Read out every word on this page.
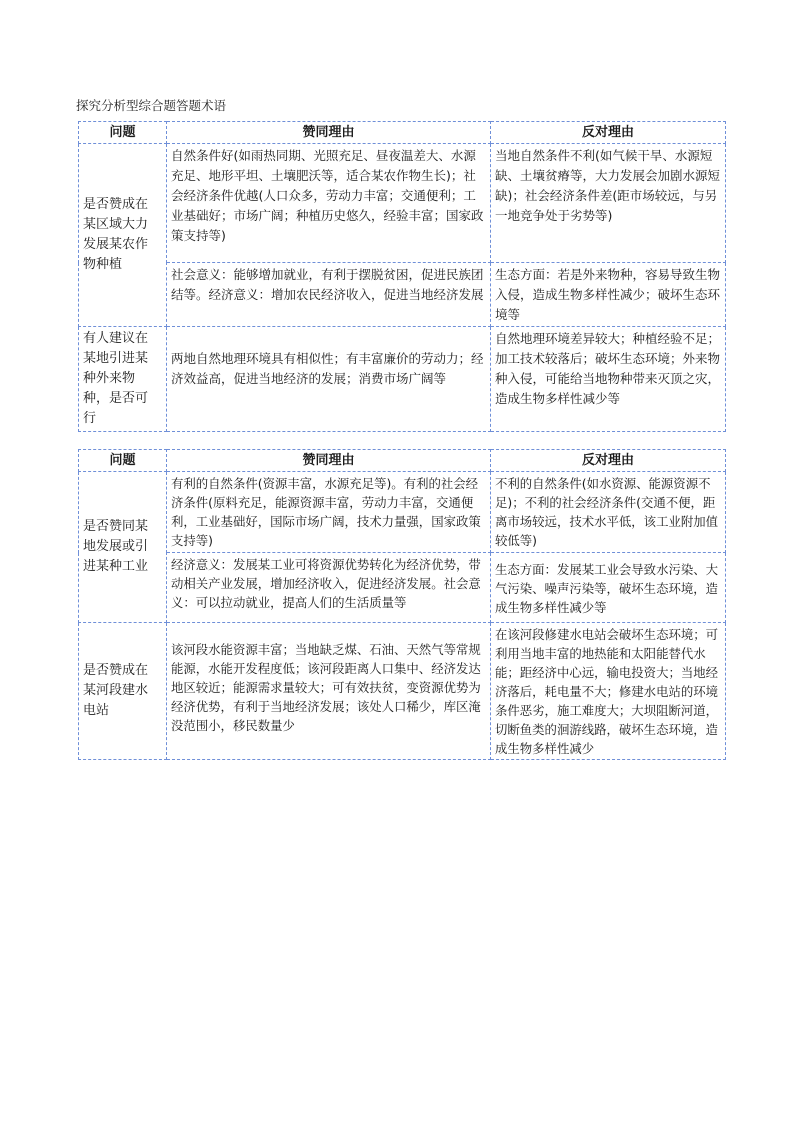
探究分析型综合题答题术语
问题	赞同理由	反对理由
是否赞成在某区域大力发展某农作物种植	自然条件好(如雨热同期、光照充足、昼夜温差大、水源充足、地形平坦、土壤肥沃等，适合某农作物生长)；社会经济条件优越(人口众多，劳动力丰富；交通便利；工业基础好；市场广阔；种植历史悠久，经验丰富；国家政策支持等)	当地自然条件不利(如气候干旱、水源短缺、土壤贫瘠等，大力发展会加剧水源短缺)；社会经济条件差(距市场较远，与另一地竞争处于劣势等)
	社会意义：能够增加就业，有利于摆脱贫困，促进民族团结等。经济意义：增加农民经济收入，促进当地经济发展	生态方面：若是外来物种，容易导致生物入侵，造成生物多样性减少；破坏生态环境等
有人建议在某地引进某种外来物种，是否可行	两地自然地理环境具有相似性；有丰富廉价的劳动力；经济效益高，促进当地经济的发展；消费市场广阔等	自然地理环境差异较大；种植经验不足；加工技术较落后；破坏生态环境；外来物种入侵，可能给当地物种带来灭顶之灾，造成生物多样性减少等
问题	赞同理由	反对理由
是否赞同某地发展或引进某种工业	有利的自然条件(资源丰富，水源充足等)。有利的社会经济条件(原料充足，能源资源丰富，劳动力丰富，交通便利，工业基础好，国际市场广阔，技术力量强，国家政策支持等)	不利的自然条件(如水资源、能源资源不足)；不利的社会经济条件(交通不便，距离市场较远，技术水平低，该工业附加值较低等)
	经济意义：发展某工业可将资源优势转化为经济优势，带动相关产业发展，增加经济收入，促进经济发展。社会意义：可以拉动就业，提高人们的生活质量等	生态方面：发展某工业会导致水污染、大气污染、噪声污染等，破坏生态环境，造成生物多样性减少等
是否赞成在某河段建水电站	该河段水能资源丰富；当地缺乏煤、石油、天然气等常规能源，水能开发程度低；该河段距离人口集中、经济发达地区较近；能源需求量较大；可有效扶贫，变资源优势为经济优势，有利于当地经济发展；该处人口稀少，库区淹没范围小，移民数量少	在该河段修建水电站会破坏生态环境；可利用当地丰富的地热能和太阳能替代水能；距经济中心远，输电投资大；当地经济落后，耗电量不大；修建水电站的环境条件恶劣，施工难度大；大坝阻断河道，切断鱼类的洄游线路，破坏生态环境，造成生物多样性减少
